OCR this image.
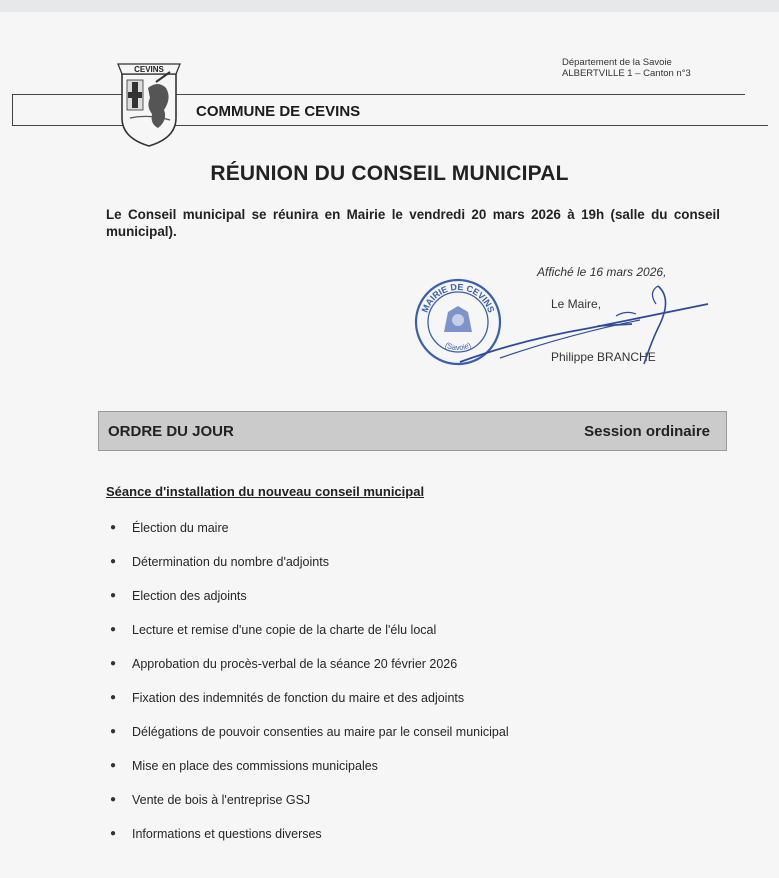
Département de la Savoie
ALBERTVILLE 1 – Canton n°3
CEVINS
COMMUNE DE CEVINS
RÉUNION DU CONSEIL MUNICIPAL
Le Conseil municipal se réunira en Mairie le vendredi 20 mars 2026 à 19h (salle du conseil municipal).
Affiché le 16 mars 2026,
Le Maire,
Philippe BRANCHE
MAIRIE DE CEVINS
(Savoie)
ORDRE DU JOUR	Session ordinaire
Séance d'installation du nouveau conseil municipal
●	Élection du maire
●	Détermination du nombre d'adjoints
●	Election des adjoints
●	Lecture et remise d'une copie de la charte de l'élu local
●	Approbation du procès-verbal de la séance 20 février 2026
●	Fixation des indemnités de fonction du maire et des adjoints
●	Délégations de pouvoir consenties au maire par le conseil municipal
●	Mise en place des commissions municipales
●	Vente de bois à l'entreprise GSJ
●	Informations et questions diverses
